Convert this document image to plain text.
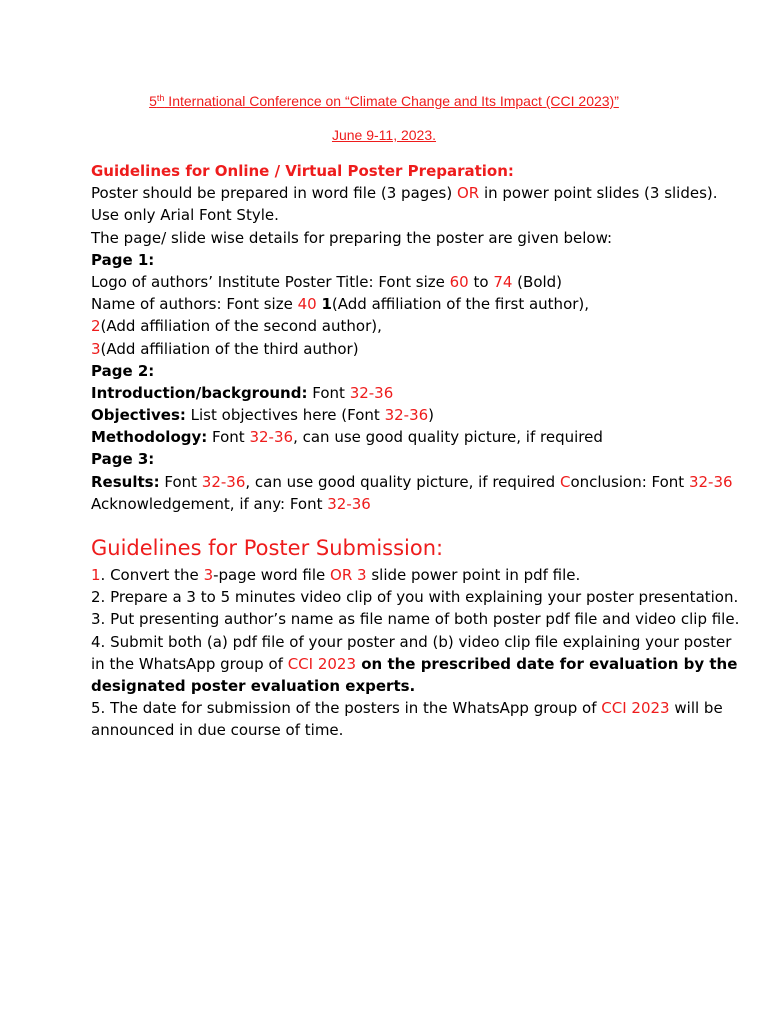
5th International Conference on “Climate Change and Its Impact (CCI 2023)”
June 9-11, 2023.
Guidelines for Online / Virtual Poster Preparation:
Poster should be prepared in word file (3 pages) OR in power point slides (3 slides).
Use only Arial Font Style.
The page/ slide wise details for preparing the poster are given below:
Page 1:
Logo of authors’ Institute Poster Title: Font size 60 to 74 (Bold)
Name of authors: Font size 40 1(Add affiliation of the first author),
2(Add affiliation of the second author),
3(Add affiliation of the third author)
Page 2:
Introduction/background: Font 32-36
Objectives: List objectives here (Font 32-36)
Methodology: Font 32-36, can use good quality picture, if required
Page 3:
Results: Font 32-36, can use good quality picture, if required Conclusion: Font 32-36
Acknowledgement, if any: Font 32-36
Guidelines for Poster Submission:
1. Convert the 3-page word file OR 3 slide power point in pdf file.
2. Prepare a 3 to 5 minutes video clip of you with explaining your poster presentation.
3. Put presenting author’s name as file name of both poster pdf file and video clip file.
4. Submit both (a) pdf file of your poster and (b) video clip file explaining your poster
in the WhatsApp group of CCI 2023 on the prescribed date for evaluation by the
designated poster evaluation experts.
5. The date for submission of the posters in the WhatsApp group of CCI 2023 will be
announced in due course of time.
